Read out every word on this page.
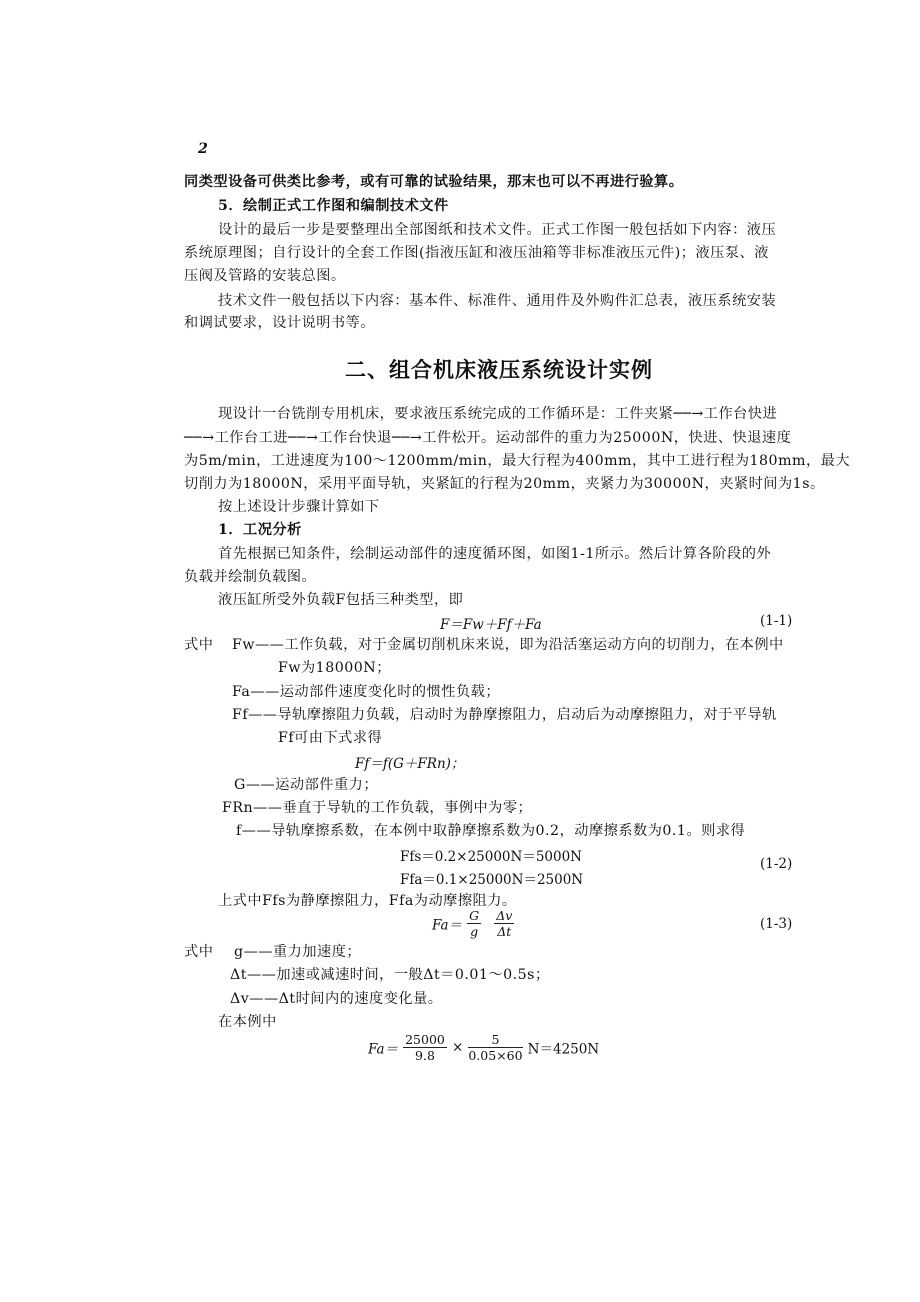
2
同类型设备可供类比参考，或有可靠的试验结果，那末也可以不再进行验算。
5．绘制正式工作图和编制技术文件
设计的最后一步是要整理出全部图纸和技术文件。正式工作图一般包括如下内容：液压
系统原理图；自行设计的全套工作图(指液压缸和液压油箱等非标准液压元件)；液压泵、液
压阀及管路的安装总图。
技术文件一般包括以下内容：基本件、标准件、通用件及外购件汇总表，液压系统安装
和调试要求，设计说明书等。
二、组合机床液压系统设计实例
现设计一台铣削专用机床，要求液压系统完成的工作循环是：工件夹紧──→工作台快进
──→工作台工进──→工作台快退──→工件松开。运动部件的重力为25000N，快进、快退速度
为5m/min，工进速度为100～1200mm/min，最大行程为400mm，其中工进行程为180mm，最大
切削力为18000N，采用平面导轨，夹紧缸的行程为20mm，夹紧力为30000N，夹紧时间为1s。
按上述设计步骤计算如下
1．工况分析
首先根据已知条件，绘制运动部件的速度循环图，如图1-1所示。然后计算各阶段的外
负载并绘制负载图。
液压缸所受外负载F包括三种类型，即
F＝Fw＋Ff＋Fa	(1-1)
式中 Fw——工作负载，对于金属切削机床来说，即为沿活塞运动方向的切削力，在本例中
Fw为18000N；
Fa——运动部件速度变化时的惯性负载；
Ff——导轨摩擦阻力负载，启动时为静摩擦阻力，启动后为动摩擦阻力，对于平导轨
Ff可由下式求得
Ff＝f(G＋FRn)；
G——运动部件重力；
FRn——垂直于导轨的工作负载，事例中为零；
f——导轨摩擦系数，在本例中取静摩擦系数为0.2，动摩擦系数为0.1。则求得
Ffs＝0.2×25000N＝5000N
Ffa＝0.1×25000N＝2500N
(1-2)
上式中Ffs为静摩擦阻力，Ffa为动摩擦阻力。
$Fa= \frac{G}{g}$
$\frac{\Delta v}{\Delta t}$	(1-3)
式中 g——重力加速度；
Δt——加速或减速时间，一般Δt＝0.01～0.5s；
Δv——Δt时间内的速度变化量。
在本例中
$Fa= \frac{25000}{9.8} \times \frac{5}{0.05\times 60} N=4250N$
